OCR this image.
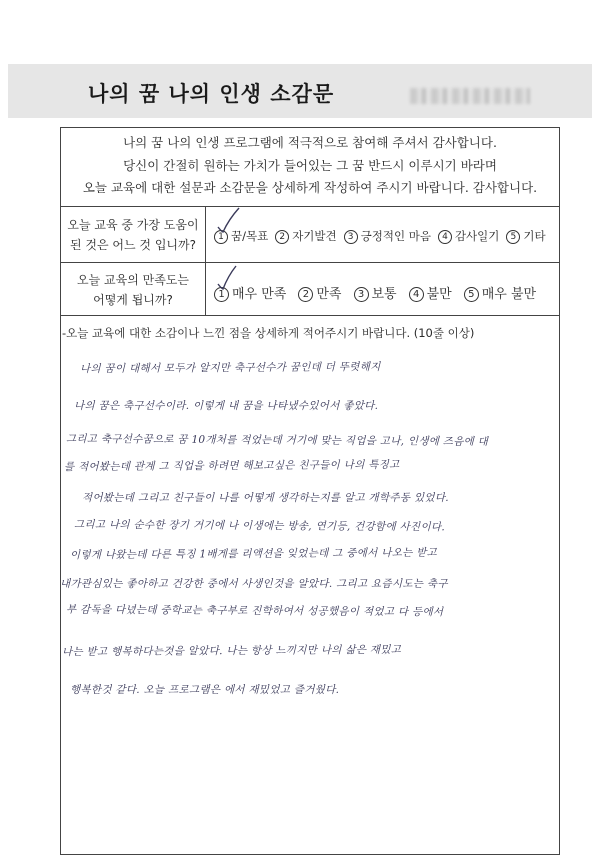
나의 꿈 나의 인생 소감문
나의 꿈 나의 인생 프로그램에 적극적으로 참여해 주셔서 감사합니다.
당신이 간절히 원하는 가치가 들어있는 그 꿈 반드시 이루시기 바라며
오늘 교육에 대한 설문과 소감문을 상세하게 작성하여 주시기 바랍니다. 감사합니다.
오늘 교육 중 가장 도움이
된 것은 어느 것 입니까?
1 꿈/목표 2 자기발견 3 긍정적인 마음 4 감사일기 5 기타
오늘 교육의 만족도는
어떻게 됩니까?	1 매우 만족 2 만족 3 보통 4 불만 5 매우 불만
-오늘 교육에 대한 소감이나 느낀 점을 상세하게 적어주시기 바랍니다. (10줄 이상)
나의 꿈이 대해서 모두가 알지만 축구선수가 꿈인데 더 뚜렷해지
나의 꿈은 축구선수이라. 이렇게 내 꿈을 나타냈수있어서 좋았다.
그리고 축구선수꿈으로 꿈 10개처를 적었는데 거기에 맞는 직업을 고나, 인생에 즈음에 대
를 적어봤는데 관계 그 직업을 하려면 해보고싶은 친구들이 나의 특징고
적어봤는데 그리고 친구들이 나를 어떻게 생각하는지를 알고 개학주동 있었다.
그리고 나의 순수한 장기 거기에 나 이생에는 방송, 연기등, 건강함에 사진이다.
이렇게 나왔는데 다른 특징 1배게를 리액션을 잊었는데 그 중에서 나오는 받고
내가관심있는 좋아하고 건강한 중에서 사생인것을 알았다. 그리고 요즘시도는 축구
부 감독을 다녔는데 중학교는 축구부로 진학하여서 성공했음이 적었고 다 등에서
나는 받고 행복하다는것을 알았다. 나는 항상 느끼지만 나의 삶은 재밌고
행복한것 같다. 오늘 프로그램은 에서 재밌었고 즐거웠다.
